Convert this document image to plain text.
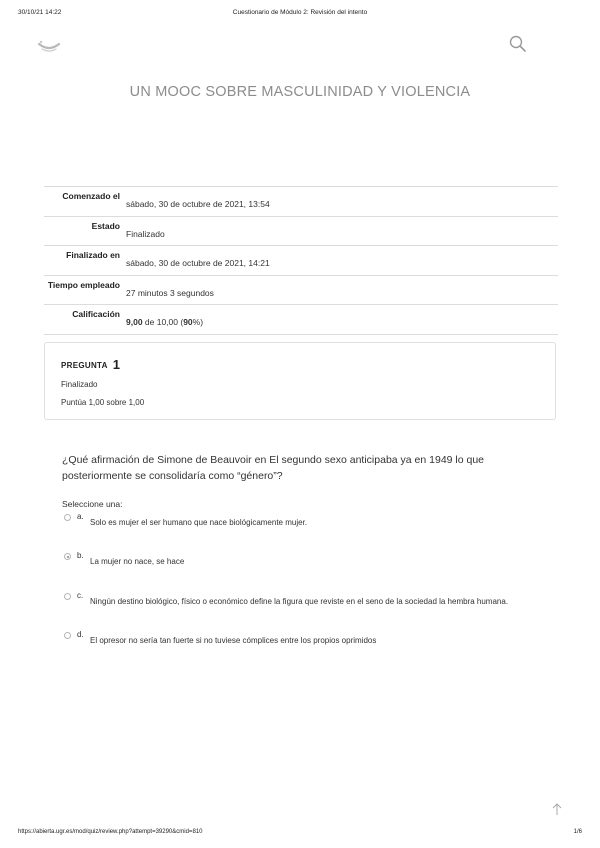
30/10/21 14:22	Cuestionario de Módulo 2: Revisión del intento
UN MOOC SOBRE MASCULINIDAD Y VIOLENCIA
Comenzado el	sábado, 30 de octubre de 2021, 13:54
Estado	Finalizado
Finalizado en	sábado, 30 de octubre de 2021, 14:21
Tiempo empleado	27 minutos 3 segundos
Calificación	9,00 de 10,00 (90%)
PREGUNTA 1
Finalizado
Puntúa 1,00 sobre 1,00
¿Qué afirmación de Simone de Beauvoir en El segundo sexo anticipaba ya en 1949 lo que posteriormente se consolidaría como “género”?
Seleccione una:
a.
Solo es mujer el ser humano que nace biológicamente mujer.
b.
La mujer no nace, se hace
c.
Ningún destino biológico, físico o económico define la figura que reviste en el seno de la sociedad la hembra humana.
d.
El opresor no sería tan fuerte si no tuviese cómplices entre los propios oprimidos
https://abierta.ugr.es/mod/quiz/review.php?attempt=39290&cmid=810	1/6
